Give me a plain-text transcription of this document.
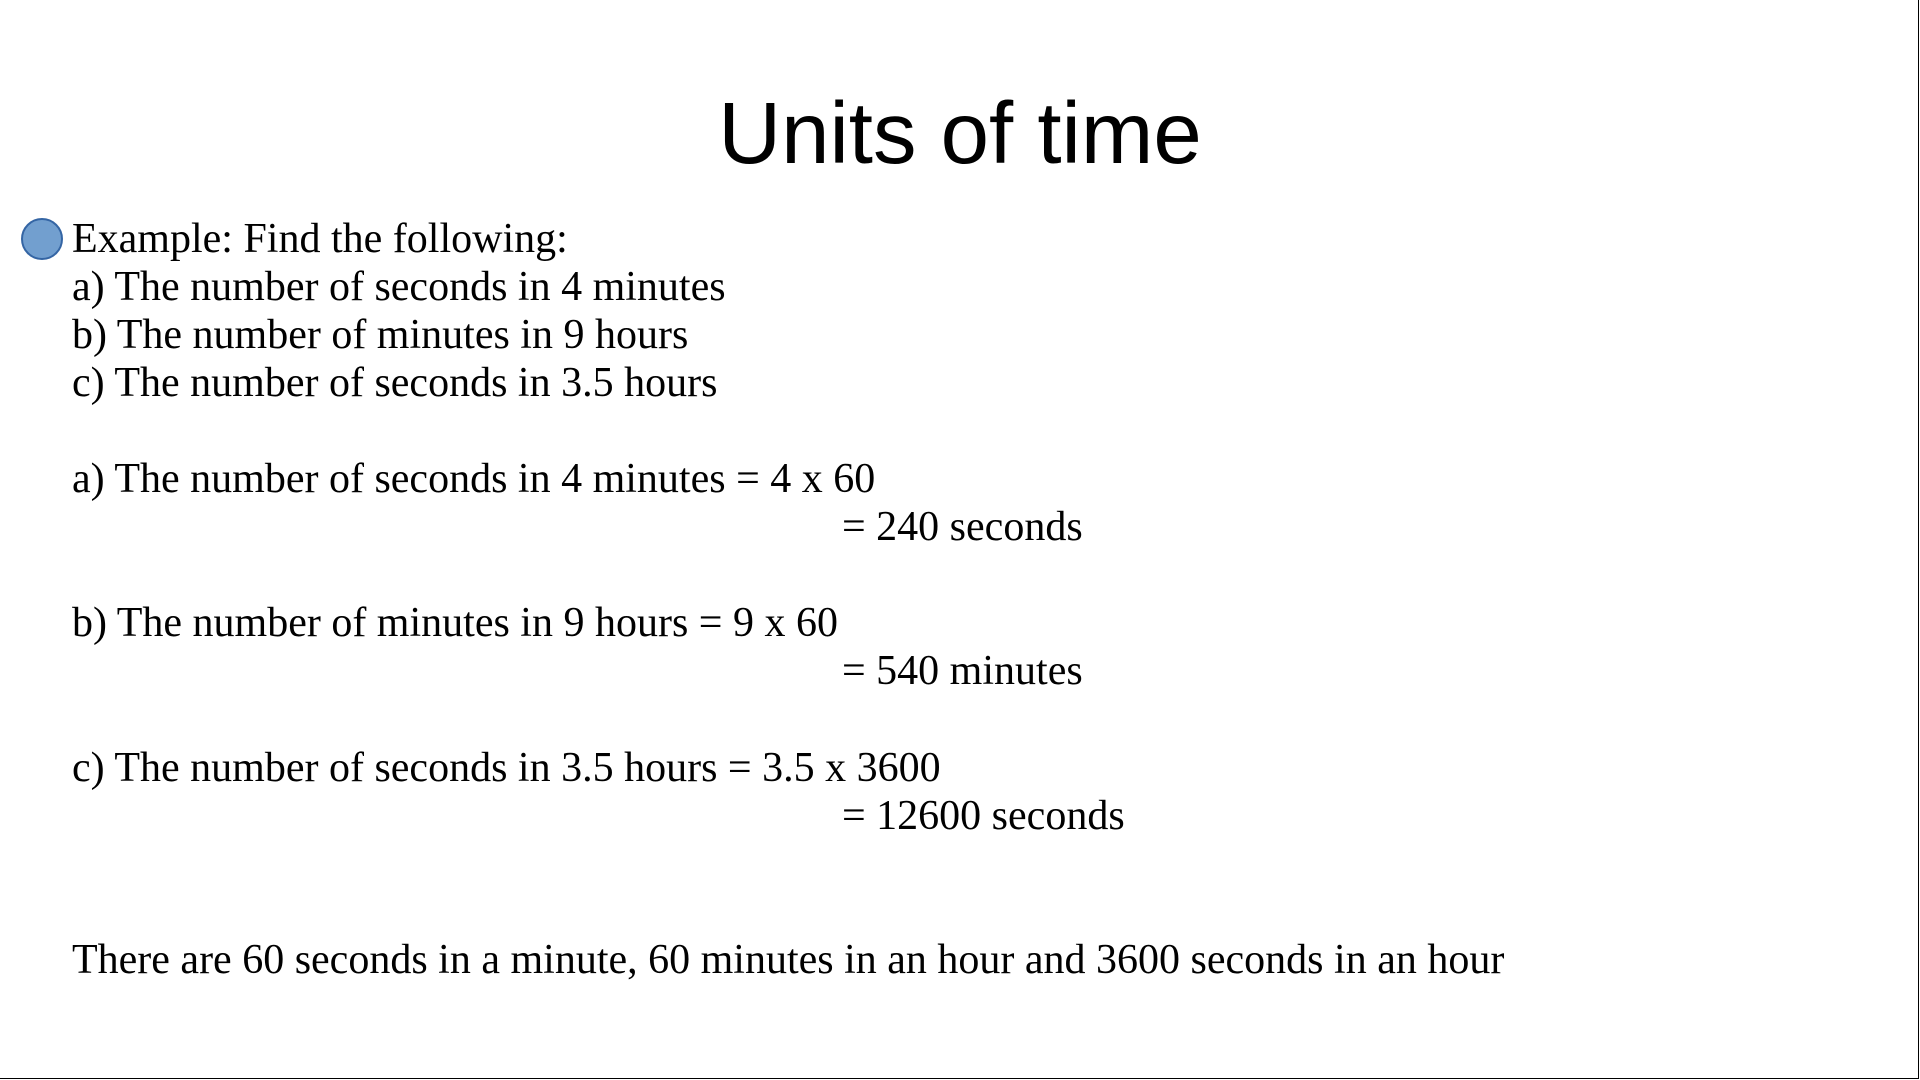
Units of time
Example: Find the following:
a) The number of seconds in 4 minutes
b) The number of minutes in 9 hours
c) The number of seconds in 3.5 hours
a) The number of seconds in 4 minutes = 4 x 60
= 240 seconds
b) The number of minutes in 9 hours = 9 x 60
= 540 minutes
c) The number of seconds in 3.5 hours = 3.5 x 3600
= 12600 seconds
There are 60 seconds in a minute, 60 minutes in an hour and 3600 seconds in an hour
